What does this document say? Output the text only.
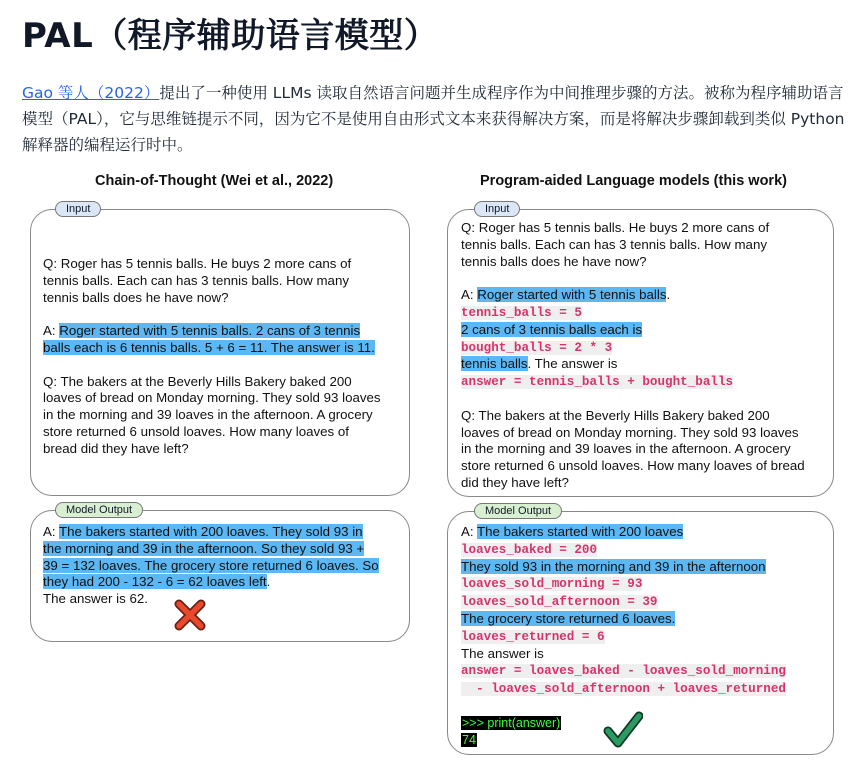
PAL（程序辅助语言模型）

Gao 等人（2022）提出了一种使用 LLMs 读取自然语言问题并生成程序作为中间推理步骤的方法。被称为程序辅助语言模型（PAL），它与思维链提示不同，因为它不是使用自由形式文本来获得解决方案，而是将解决步骤卸载到类似 Python 解释器的编程运行时中。

Chain-of-Thought (Wei et al., 2022)
Input
Q: Roger has 5 tennis balls. He buys 2 more cans of
tennis balls. Each can has 3 tennis balls. How many
tennis balls does he have now?
A: Roger started with 5 tennis balls. 2 cans of 3 tennis
balls each is 6 tennis balls. 5 + 6 = 11. The answer is 11.
Q: The bakers at the Beverly Hills Bakery baked 200
loaves of bread on Monday morning. They sold 93 loaves
in the morning and 39 loaves in the afternoon. A grocery
store returned 6 unsold loaves. How many loaves of
bread did they have left?
Model Output
A: The bakers started with 200 loaves. They sold 93 in
the morning and 39 in the afternoon. So they sold 93 +
39 = 132 loaves. The grocery store returned 6 loaves. So
they had 200 - 132 - 6 = 62 loaves left.
The answer is 62.
Program-aided Language models (this work)
Input
Q: Roger has 5 tennis balls. He buys 2 more cans of
tennis balls. Each can has 3 tennis balls. How many
tennis balls does he have now?
A: Roger started with 5 tennis balls.
tennis_balls = 5
2 cans of 3 tennis balls each is
bought_balls = 2 * 3
tennis balls. The answer is
answer = tennis_balls + bought_balls
Q: The bakers at the Beverly Hills Bakery baked 200
loaves of bread on Monday morning. They sold 93 loaves
in the morning and 39 loaves in the afternoon. A grocery
store returned 6 unsold loaves. How many loaves of bread
did they have left?
Model Output
A: The bakers started with 200 loaves
loaves_baked = 200
They sold 93 in the morning and 39 in the afternoon
loaves_sold_morning = 93
loaves_sold_afternoon = 39
The grocery store returned 6 loaves.
loaves_returned = 6
The answer is
answer = loaves_baked - loaves_sold_morning
- loaves_sold_afternoon + loaves_returned
>>> print(answer)
74
